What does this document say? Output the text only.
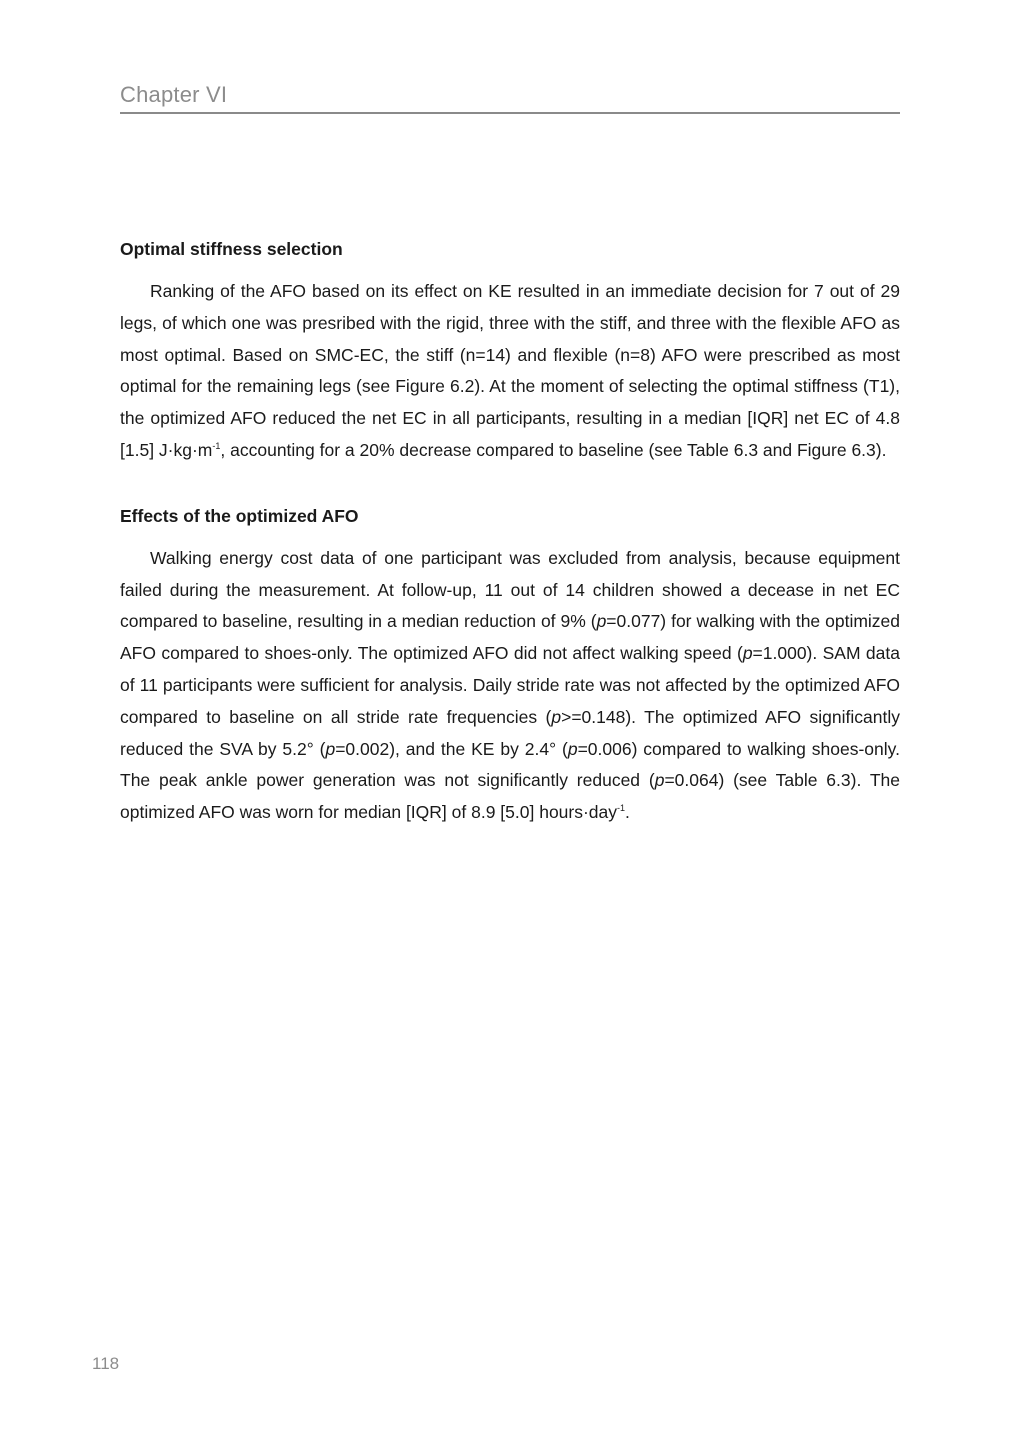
Chapter VI
Optimal stiffness selection

Ranking of the AFO based on its effect on KE resulted in an immediate decision for 7 out of 29 legs, of which one was presribed with the rigid, three with the stiff, and three with the flexible AFO as most optimal. Based on SMC-EC, the stiff (n=14) and flexible (n=8) AFO were prescribed as most optimal for the remaining legs (see Figure 6.2). At the moment of selecting the optimal stiffness (T1), the optimized AFO reduced the net EC in all participants, resulting in a median [IQR] net EC of 4.8 [1.5] $J\cdot kg\cdot m^{-1}$, accounting for a 20% decrease compared to baseline (see Table 6.3 and Figure 6.3).

Effects of the optimized AFO

Walking energy cost data of one participant was excluded from analysis, because equipment failed during the measurement. At follow-up, 11 out of 14 children showed a decease in net EC compared to baseline, resulting in a median reduction of 9% (p=0.077) for walking with the optimized AFO compared to shoes-only. The optimized AFO did not affect walking speed (p=1.000). SAM data of 11 participants were sufficient for analysis. Daily stride rate was not affected by the optimized AFO compared to baseline on all stride rate frequencies (p>=0.148). The optimized AFO significantly reduced the SVA by 5.2° (p=0.002), and the KE by 2.4° (p=0.006) compared to walking shoes-only. The peak ankle power generation was not significantly reduced (p=0.064) (see Table 6.3). The optimized AFO was worn for median [IQR] of 8.9 [5.0] hours·day$^{-1}$.

118
